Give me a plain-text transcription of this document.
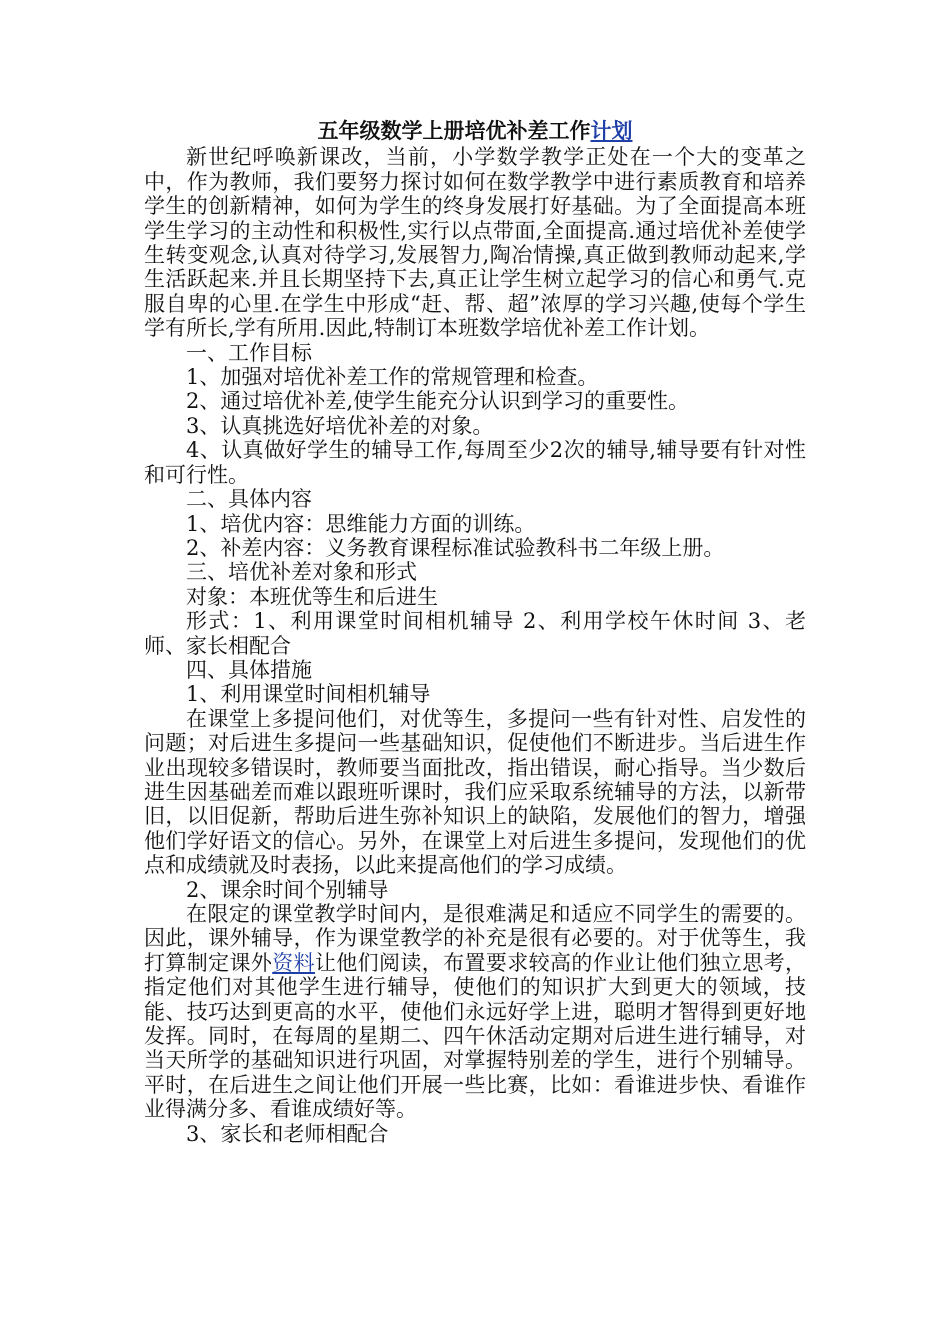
五年级数学上册培优补差工作计划

新世纪呼唤新课改，当前，小学数学教学正处在一个大的变革之中，作为教师，我们要努力探讨如何在数学教学中进行素质教育和培养学生的创新精神，如何为学生的终身发展打好基础。为了全面提高本班学生学习的主动性和积极性,实行以点带面,全面提高.通过培优补差使学生转变观念,认真对待学习,发展智力,陶冶情操,真正做到教师动起来,学生活跃起来.并且长期坚持下去,真正让学生树立起学习的信心和勇气.克服自卑的心里.在学生中形成“赶、帮、超”浓厚的学习兴趣,使每个学生学有所长,学有所用.因此,特制订本班数学培优补差工作计划。

一、工作目标

1、加强对培优补差工作的常规管理和检查。

2、通过培优补差,使学生能充分认识到学习的重要性。

3、认真挑选好培优补差的对象。

4、认真做好学生的辅导工作,每周至少2次的辅导,辅导要有针对性和可行性。

二、具体内容

1、培优内容：思维能力方面的训练。

2、补差内容：义务教育课程标准试验教科书二年级上册。

三、培优补差对象和形式

对象：本班优等生和后进生

形式：1、利用课堂时间相机辅导 2、利用学校午休时间 3、老师、家长相配合

四、具体措施

1、利用课堂时间相机辅导

在课堂上多提问他们，对优等生，多提问一些有针对性、启发性的问题；对后进生多提问一些基础知识，促使他们不断进步。当后进生作业出现较多错误时，教师要当面批改，指出错误，耐心指导。当少数后进生因基础差而难以跟班听课时，我们应采取系统辅导的方法，以新带旧，以旧促新，帮助后进生弥补知识上的缺陷，发展他们的智力，增强他们学好语文的信心。另外，在课堂上对后进生多提问，发现他们的优点和成绩就及时表扬，以此来提高他们的学习成绩。

2、课余时间个别辅导

在限定的课堂教学时间内，是很难满足和适应不同学生的需要的。因此，课外辅导，作为课堂教学的补充是很有必要的。对于优等生，我打算制定课外资料让他们阅读，布置要求较高的作业让他们独立思考，指定他们对其他学生进行辅导，使他们的知识扩大到更大的领域，技能、技巧达到更高的水平，使他们永远好学上进，聪明才智得到更好地发挥。同时，在每周的星期二、四午休活动定期对后进生进行辅导，对当天所学的基础知识进行巩固，对掌握特别差的学生，进行个别辅导。平时，在后进生之间让他们开展一些比赛，比如：看谁进步快、看谁作业得满分多、看谁成绩好等。

3、家长和老师相配合
